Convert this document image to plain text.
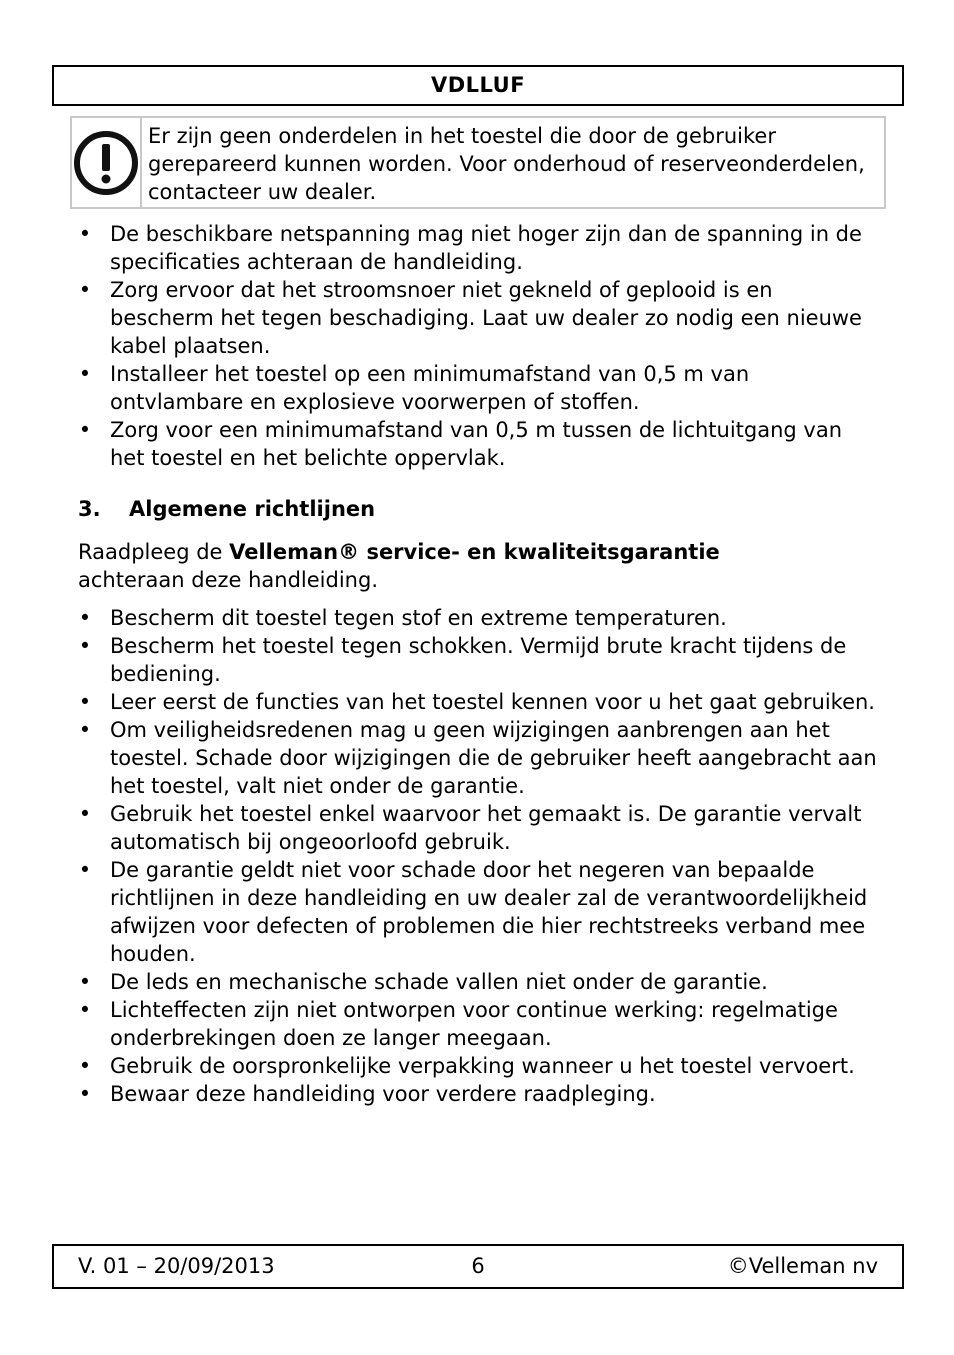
VDLLUF
Er zijn geen onderdelen in het toestel die door de gebruiker gerepareerd kunnen worden. Voor onderhoud of reserveonderdelen, contacteer uw dealer.
• De beschikbare netspanning mag niet hoger zijn dan de spanning in de specificaties achteraan de handleiding.
• Zorg ervoor dat het stroomsnoer niet gekneld of geplooid is en bescherm het tegen beschadiging. Laat uw dealer zo nodig een nieuwe kabel plaatsen.
• Installeer het toestel op een minimumafstand van 0,5 m van ontvlambare en explosieve voorwerpen of stoffen.
• Zorg voor een minimumafstand van 0,5 m tussen de lichtuitgang van het toestel en het belichte oppervlak.
3. Algemene richtlijnen
Raadpleeg de Velleman® service- en kwaliteitsgarantie
achteraan deze handleiding.
• Bescherm dit toestel tegen stof en extreme temperaturen.
• Bescherm het toestel tegen schokken. Vermijd brute kracht tijdens de bediening.
• Leer eerst de functies van het toestel kennen voor u het gaat gebruiken.
• Om veiligheidsredenen mag u geen wijzigingen aanbrengen aan het toestel. Schade door wijzigingen die de gebruiker heeft aangebracht aan het toestel, valt niet onder de garantie.
• Gebruik het toestel enkel waarvoor het gemaakt is. De garantie vervalt automatisch bij ongeoorloofd gebruik.
• De garantie geldt niet voor schade door het negeren van bepaalde richtlijnen in deze handleiding en uw dealer zal de verantwoordelijkheid afwijzen voor defecten of problemen die hier rechtstreeks verband mee houden.
• De leds en mechanische schade vallen niet onder de garantie.
• Lichteffecten zijn niet ontworpen voor continue werking: regelmatige onderbrekingen doen ze langer meegaan.
• Gebruik de oorspronkelijke verpakking wanneer u het toestel vervoert.
• Bewaar deze handleiding voor verdere raadpleging.
V. 01 – 20/09/2013	6	©Velleman nv
